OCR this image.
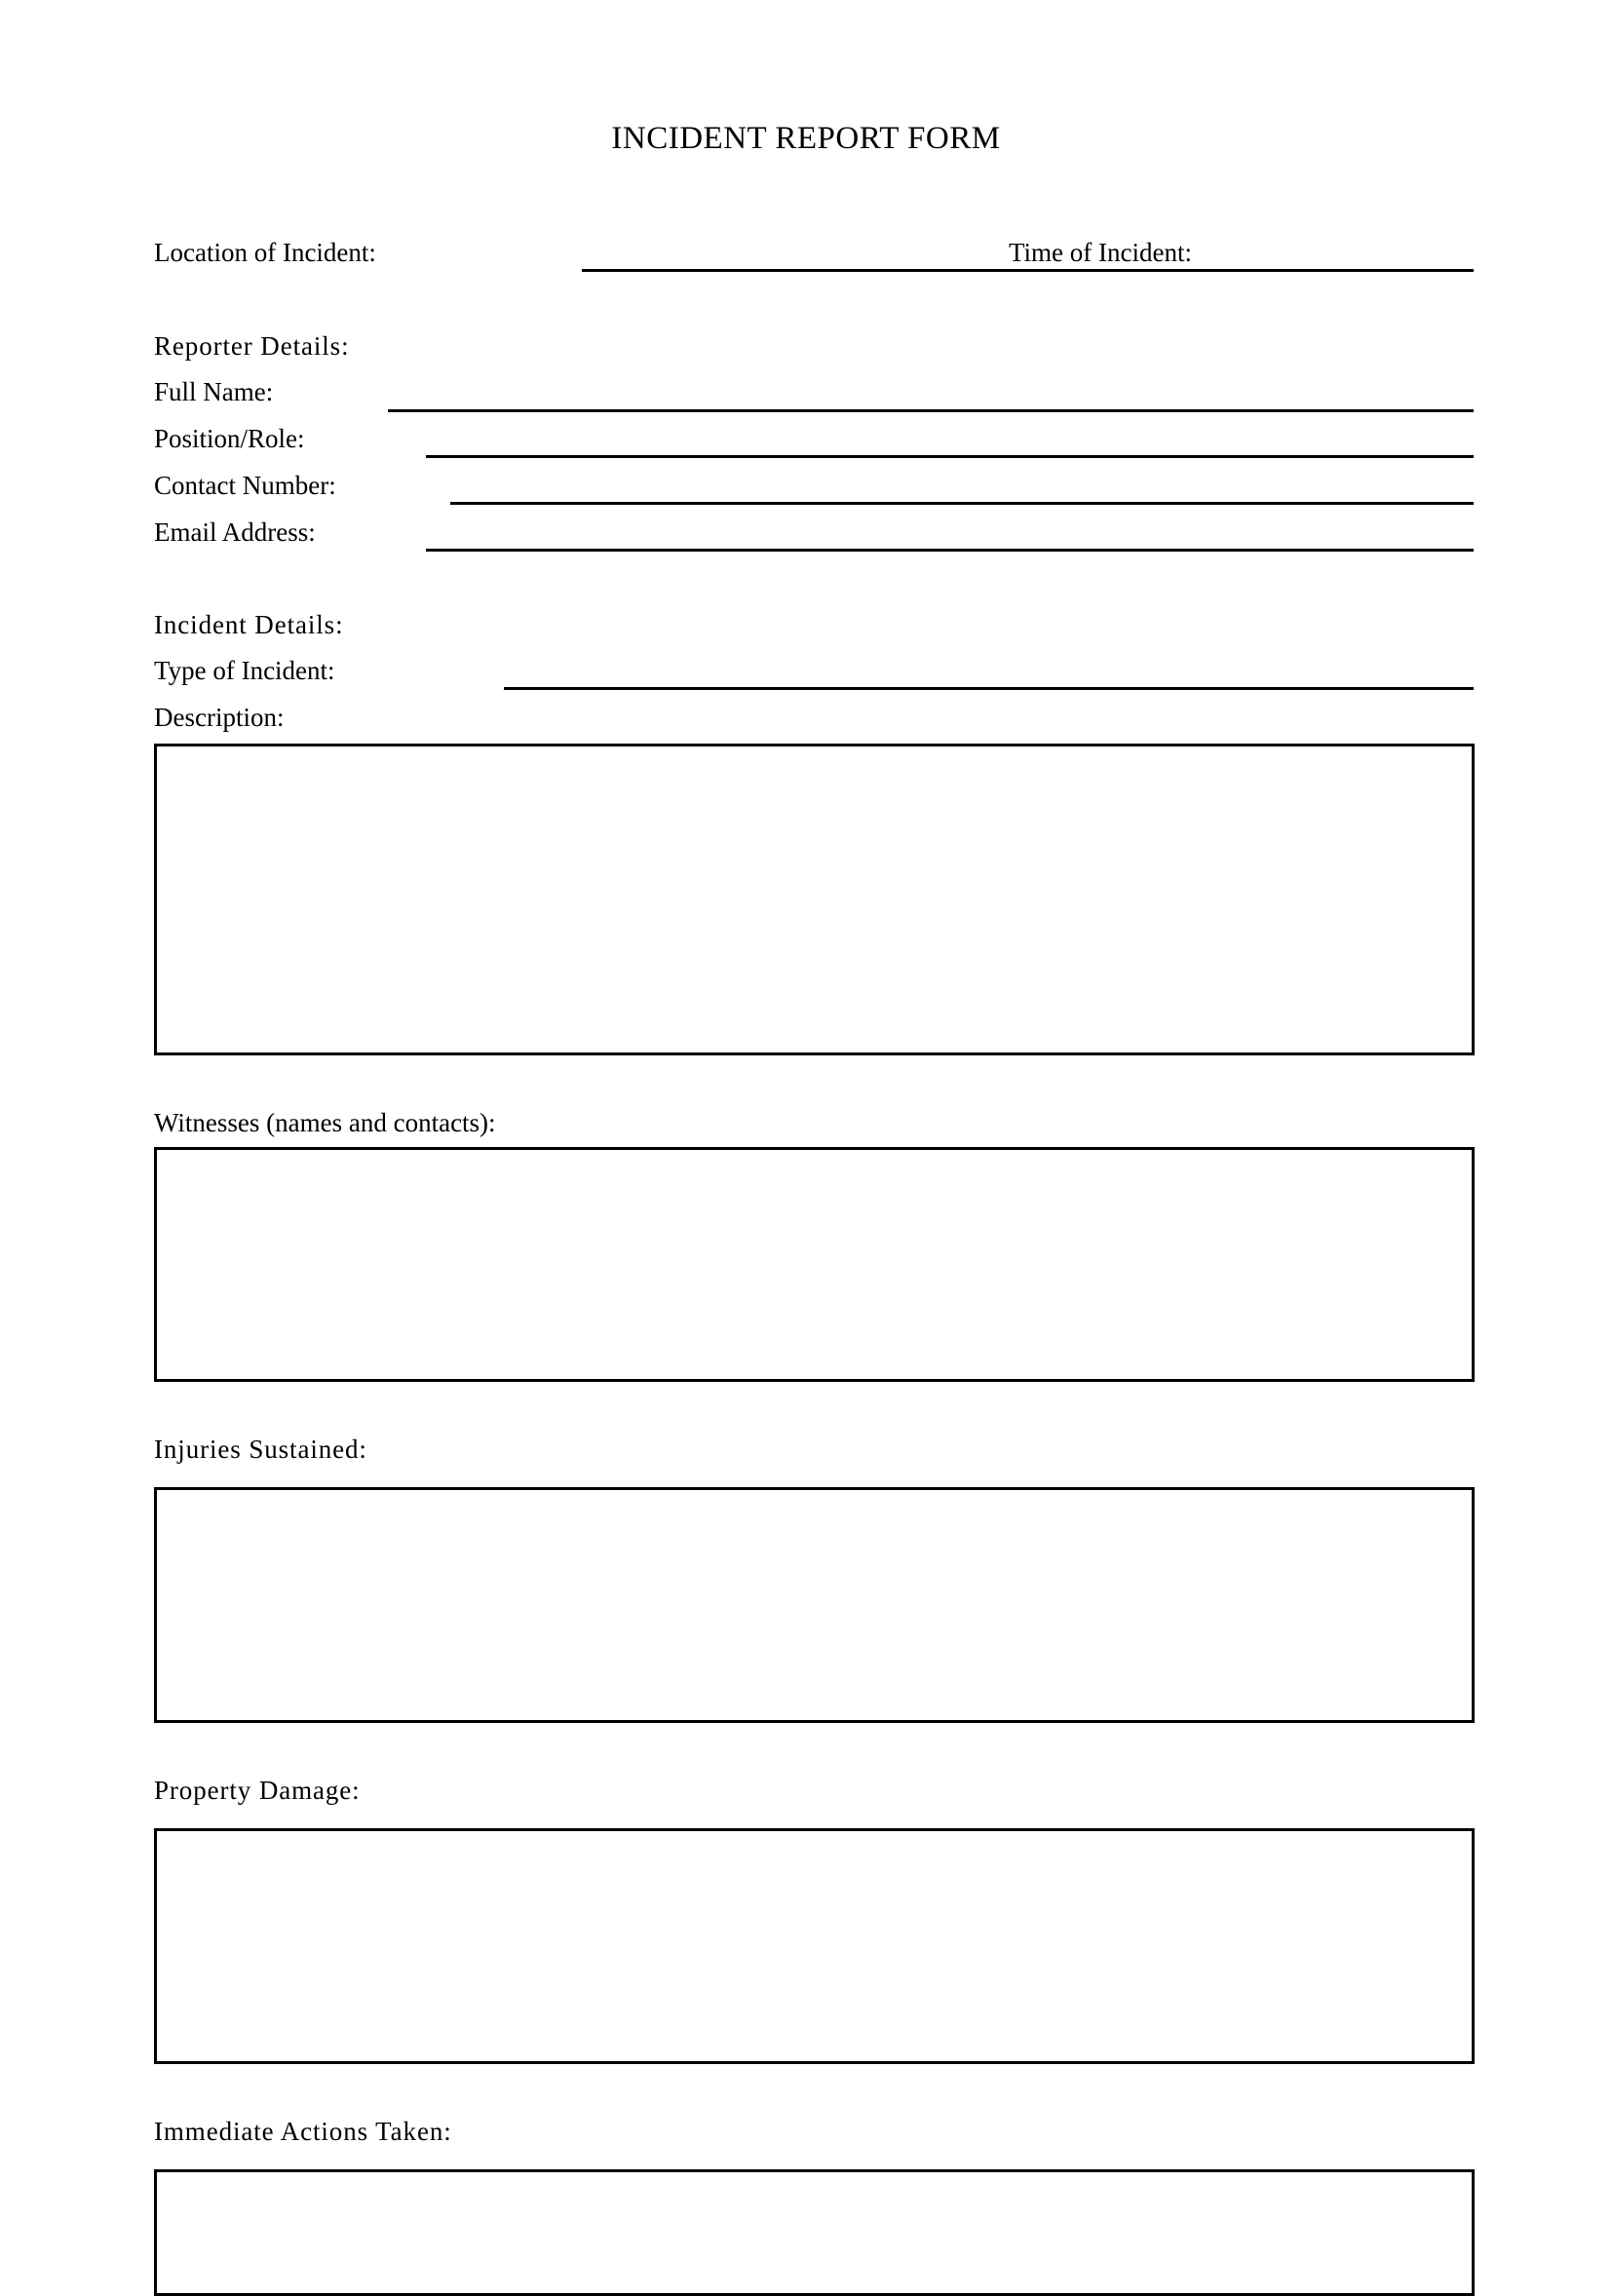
INCIDENT REPORT FORM
Location of Incident:	Time of Incident:
Reporter Details:
Full Name:
Position/Role:
Contact Number:
Email Address:
Incident Details:
Type of Incident:
Description:
Witnesses (names and contacts):
Injuries Sustained:
Property Damage:
Immediate Actions Taken:
